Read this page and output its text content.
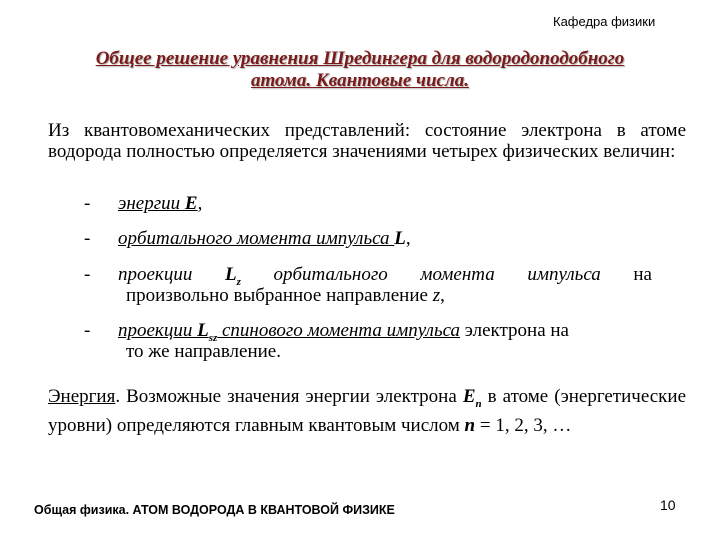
Кафедра физики
Общее решение уравнения Шредингера для водородоподобного
атома. Квантовые числа.
Из квантовомеханических представлений: состояние электрона в атоме водорода полностью определяется значениями четырех физических величин:
-	энергии E,
-	орбитального момента импульса L,
-	проекции $L_z$ орбитального момента импульса на
произвольно выбранное направление z,
-	проекции $L_{sz}$ спинового момента импульса электрона на
то же направление.
Энергия. Возможные значения энергии электрона $E_n$ в атоме (энергетические уровни) определяются главным квантовым числом n = 1, 2, 3, …
Общая физика. АТОМ ВОДОРОДА В КВАНТОВОЙ ФИЗИКЕ	10
